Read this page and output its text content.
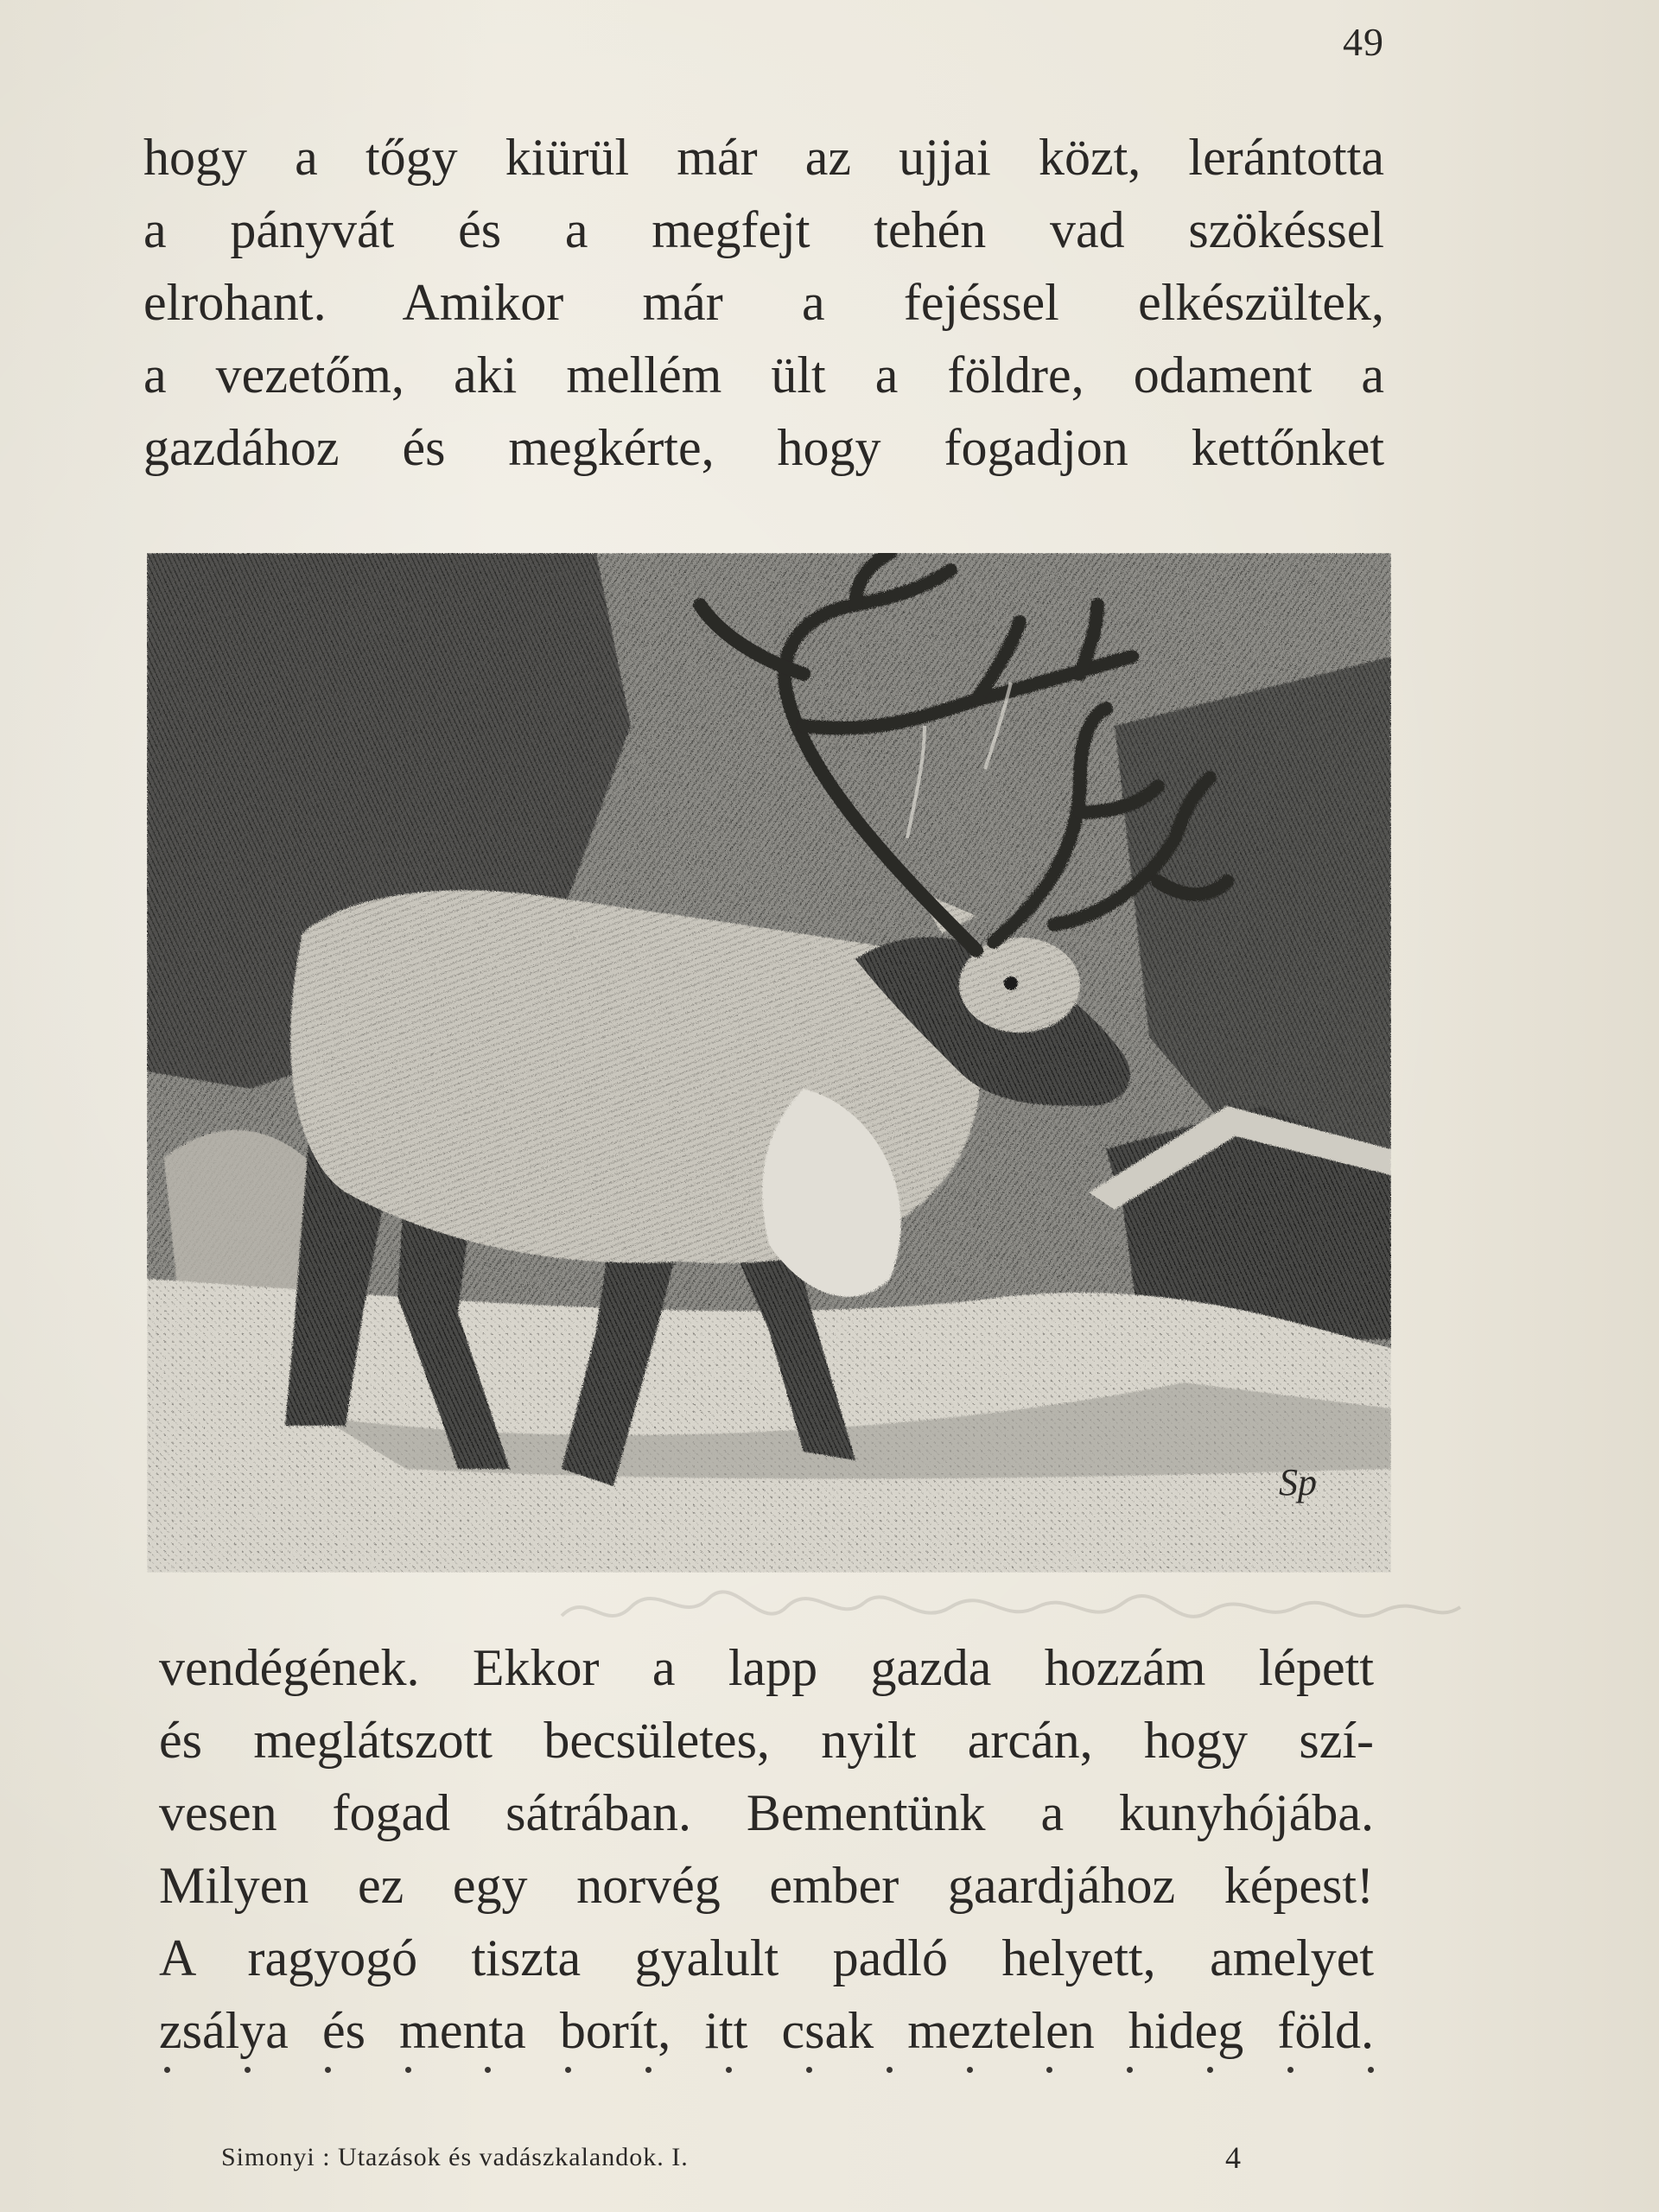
49
hogy a tőgy kiürül már az ujjai közt, lerántotta
a pányvát és a megfejt tehén vad szökéssel
elrohant. Amikor már a fejéssel elkészültek,
a vezetőm, aki mellém ült a földre, odament a
gazdához és megkérte, hogy fogadjon kettőnket
Sp
vendégének. Ekkor a lapp gazda hozzám lépett
és meglátszott becsületes, nyilt arcán, hogy szí-
vesen fogad sátrában. Bementünk a kunyhójába.
Milyen ez egy norvég ember gaardjához képest!
A ragyogó tiszta gyalult padló helyett, amelyet
zsálya és menta borít, itt csak meztelen hideg föld.
Simonyi : Utazások és vadászkalandok. I.	4
